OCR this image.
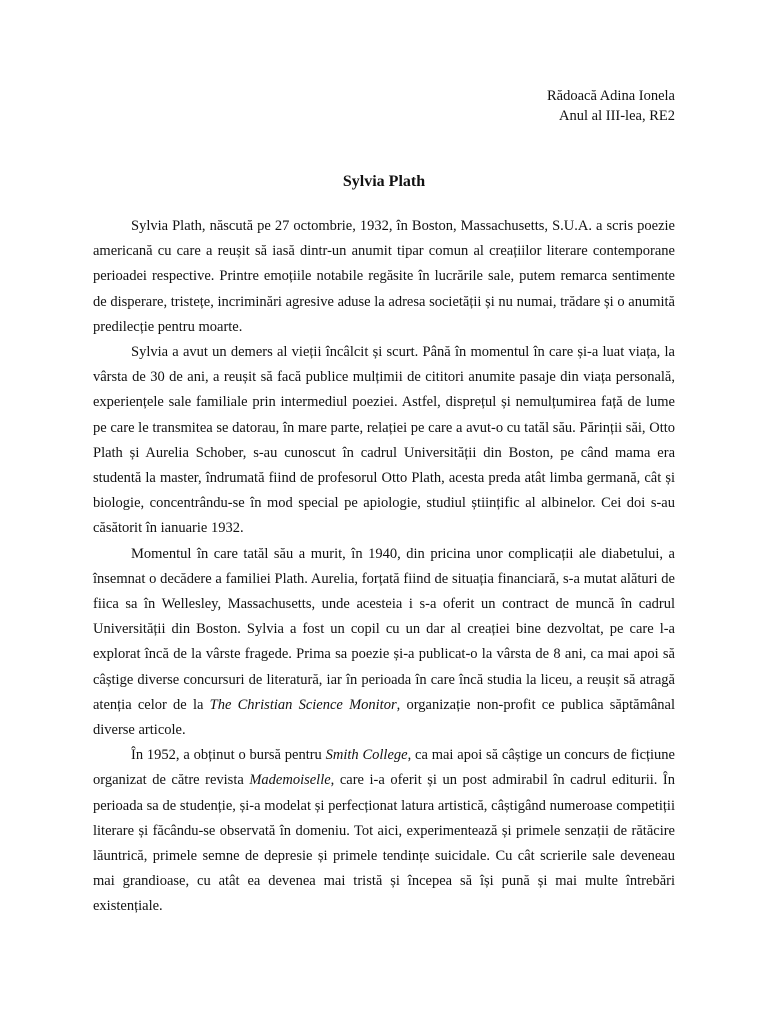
Rădoacă Adina Ionela
Anul al III-lea, RE2
Sylvia Plath

Sylvia Plath, născută pe 27 octombrie, 1932, în Boston, Massachusetts, S.U.A. a scris poezie americană cu care a reușit să iasă dintr-un anumit tipar comun al creațiilor literare contemporane perioadei respective. Printre emoțiile notabile regăsite în lucrările sale, putem remarca sentimente de disperare, tristețe, incriminări agresive aduse la adresa societății și nu numai, trădare și o anumită predilecție pentru moarte.

Sylvia a avut un demers al vieții încâlcit și scurt. Până în momentul în care și-a luat viața, la vârsta de 30 de ani, a reușit să facă publice mulțimii de cititori anumite pasaje din viața personală, experiențele sale familiale prin intermediul poeziei. Astfel, disprețul și nemulțumirea față de lume pe care le transmitea se datorau, în mare parte, relației pe care a avut-o cu tatăl său. Părinții săi, Otto Plath și Aurelia Schober, s-au cunoscut în cadrul Universității din Boston, pe când mama era studentă la master, îndrumată fiind de profesorul Otto Plath, acesta preda atât limba germană, cât și biologie, concentrându-se în mod special pe apiologie, studiul științific al albinelor. Cei doi s-au căsătorit în ianuarie 1932.

Momentul în care tatăl său a murit, în 1940, din pricina unor complicații ale diabetului, a însemnat o decădere a familiei Plath. Aurelia, forțată fiind de situația financiară, s-a mutat alături de fiica sa în Wellesley, Massachusetts, unde acesteia i s-a oferit un contract de muncă în cadrul Universității din Boston. Sylvia a fost un copil cu un dar al creației bine dezvoltat, pe care l-a explorat încă de la vârste fragede. Prima sa poezie și-a publicat-o la vârsta de 8 ani, ca mai apoi să câștige diverse concursuri de literatură, iar în perioada în care încă studia la liceu, a reușit să atragă atenția celor de la The Christian Science Monitor, organizație non-profit ce publica săptămânal diverse articole.

În 1952, a obținut o bursă pentru Smith College, ca mai apoi să câștige un concurs de ficțiune organizat de către revista Mademoiselle, care i-a oferit și un post admirabil în cadrul editurii. În perioada sa de studenție, și-a modelat și perfecționat latura artistică, câștigând numeroase competiții literare și făcându-se observată în domeniu. Tot aici, experimentează și primele senzații de rătăcire lăuntrică, primele semne de depresie și primele tendințe suicidale. Cu cât scrierile sale deveneau mai grandioase, cu atât ea devenea mai tristă și începea să își pună și mai multe întrebări existențiale.
